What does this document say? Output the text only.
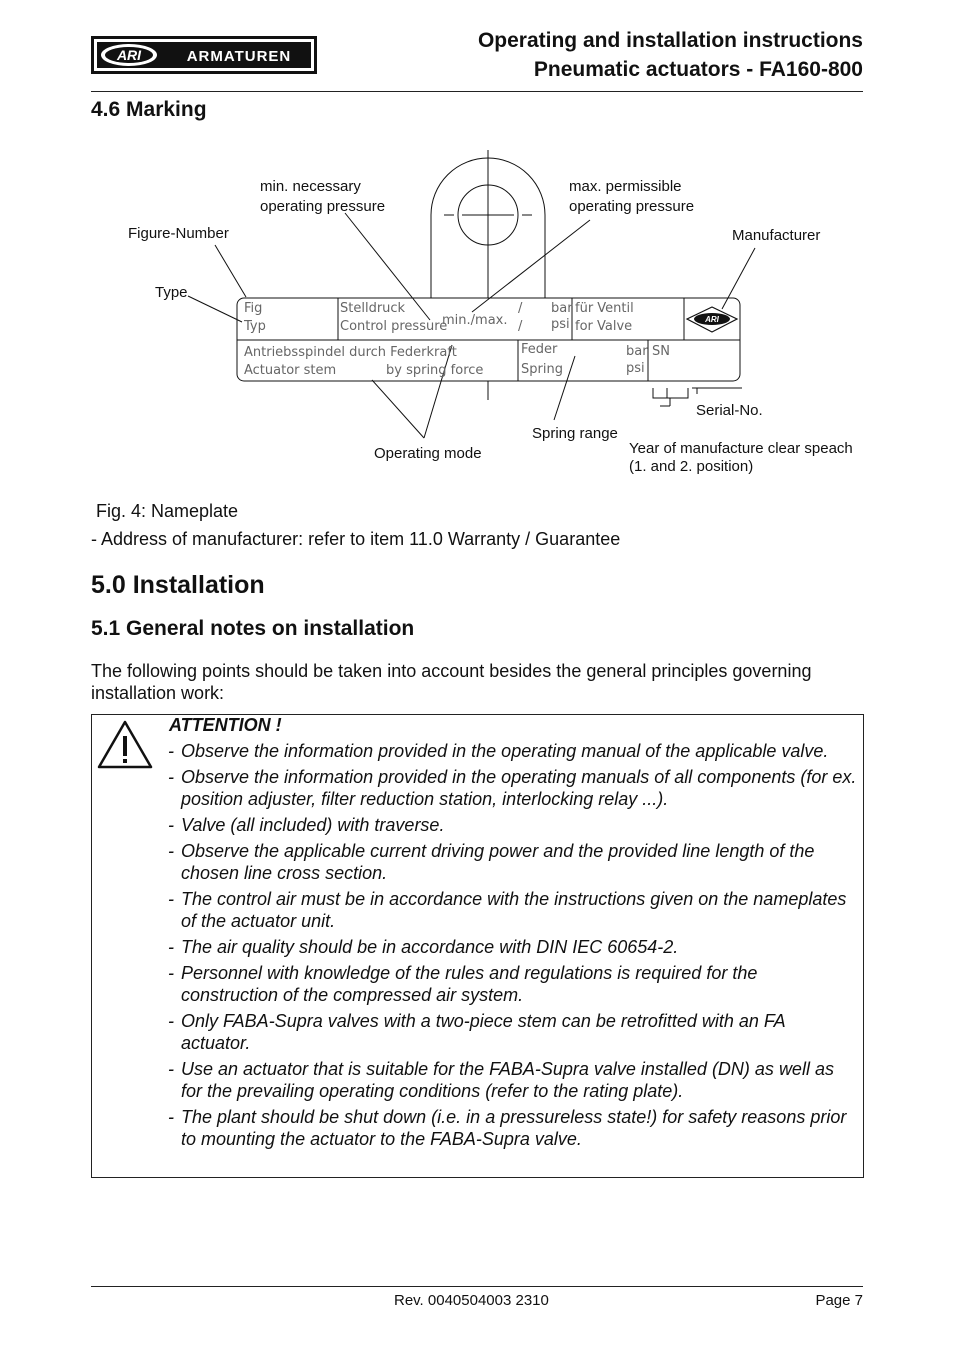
ARI	ARMATUREN
Operating and installation instructions
Pneumatic actuators - FA160-800
4.6 Marking
ARI
Fig
Typ
Stelldruck
Control pressure
min./max.
/
/
bar
psi
für Ventil
for Valve
Antriebsspindel durch Federkraft
Actuator stem	by spring force
Feder
Spring
bar
psi
SN
min. necessary
operating pressure
max. permissible
operating pressure
Figure-Number	Manufacturer
Type
Serial-No.
Spring range
Operating mode	Year of manufacture clear speach
(1. and 2. position)
Fig. 4: Nameplate
- Address of manufacturer: refer to item 11.0 Warranty / Guarantee
5.0 Installation
5.1 General notes on installation
The following points should be taken into account besides the general principles governing installation work:
ATTENTION !
- Observe the information provided in the operating manual of the applicable valve.
- Observe the information provided in the operating manuals of all components (for ex. position adjuster, filter reduction station, interlocking relay ...).
- Valve (all included) with traverse.
- Observe the applicable current driving power and the provided line length of the chosen line cross section.
- The control air must be in accordance with the instructions given on the nameplates of the actuator unit.
- The air quality should be in accordance with DIN IEC 60654-2.
- Personnel with knowledge of the rules and regulations is required for the construction of the compressed air system.
- Only FABA-Supra valves with a two-piece stem can be retrofitted with an FA actuator.
- Use an actuator that is suitable for the FABA-Supra valve installed (DN) as well as for the prevailing operating conditions (refer to the rating plate).
- The plant should be shut down (i.e. in a pressureless state!) for safety reasons prior to mounting the actuator to the FABA-Supra valve.
Rev. 0040504003 2310	Page 7
